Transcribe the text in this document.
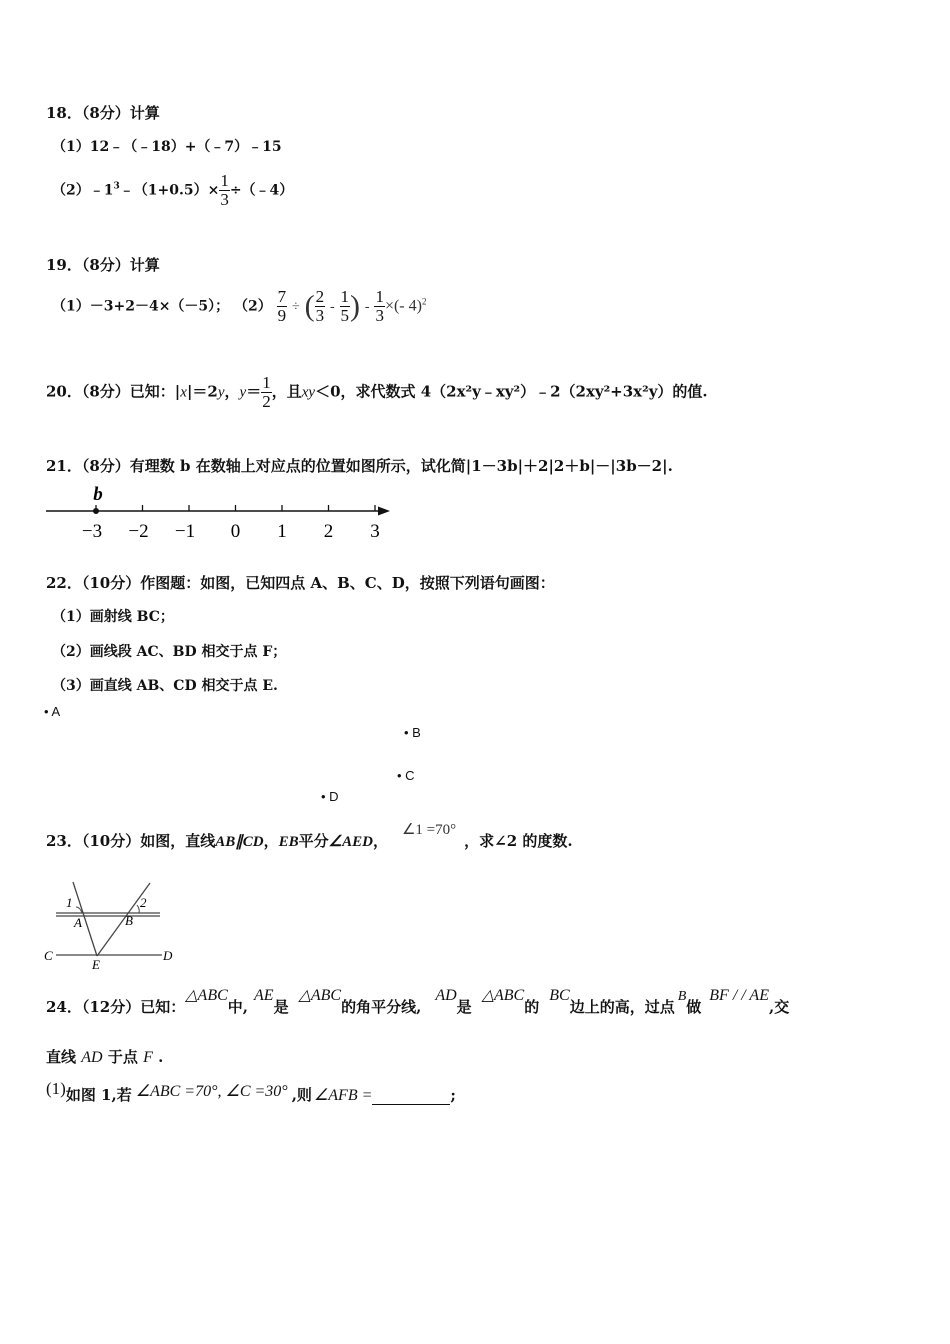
18．（8分）计算
（1）12﹣（﹣18）+（﹣7）﹣15
$(2)﹣1^3﹣(1+0.5)\times \frac{1}{3}$ ÷（﹣4）
19．（8分）计算
（1）－3+2－4×（－5）； $(2) \frac{7}{9}$ ÷ ( $\frac{2}{3} - \frac{1}{5}$ ) - $\frac{1}{3}$ ×(- 4)$^2$
20．（8分）已知：|x|＝2y，$y= \frac{1}{2}$ ，且xy＜0，求代数式 4（2x²y﹣xy²）﹣2（2xy²+3x²y）的值.
21．（8分）有理数 b 在数轴上对应点的位置如图所示，试化简|1－3b|＋2|2＋b|－|3b－2|.
−3 −2 −1 0 1 2 3
b
22．（10分）作图题：如图，已知四点 A、B、C、D，按照下列语句画图：
（1）画射线 BC；
（2）画线段 AC、BD 相交于点 F；
（3）画直线 AB、CD 相交于点 E.
• A
• B
• C
• D
23．（10分）如图，直线AB∥CD，EB平分∠AED，∠1 =70°，求∠2 的度数.
1	2
A	B
C	D
E
24．（12分）已知：△ABC中,AE是△ABC的角平分线,AD是△ABC的BC边上的高，过点B做BF / / AE,交
直线 AD 于点 F .
(1)如图 1,若 ∠ABC =70°, ∠C =30° ,则 ∠AFB =	;
